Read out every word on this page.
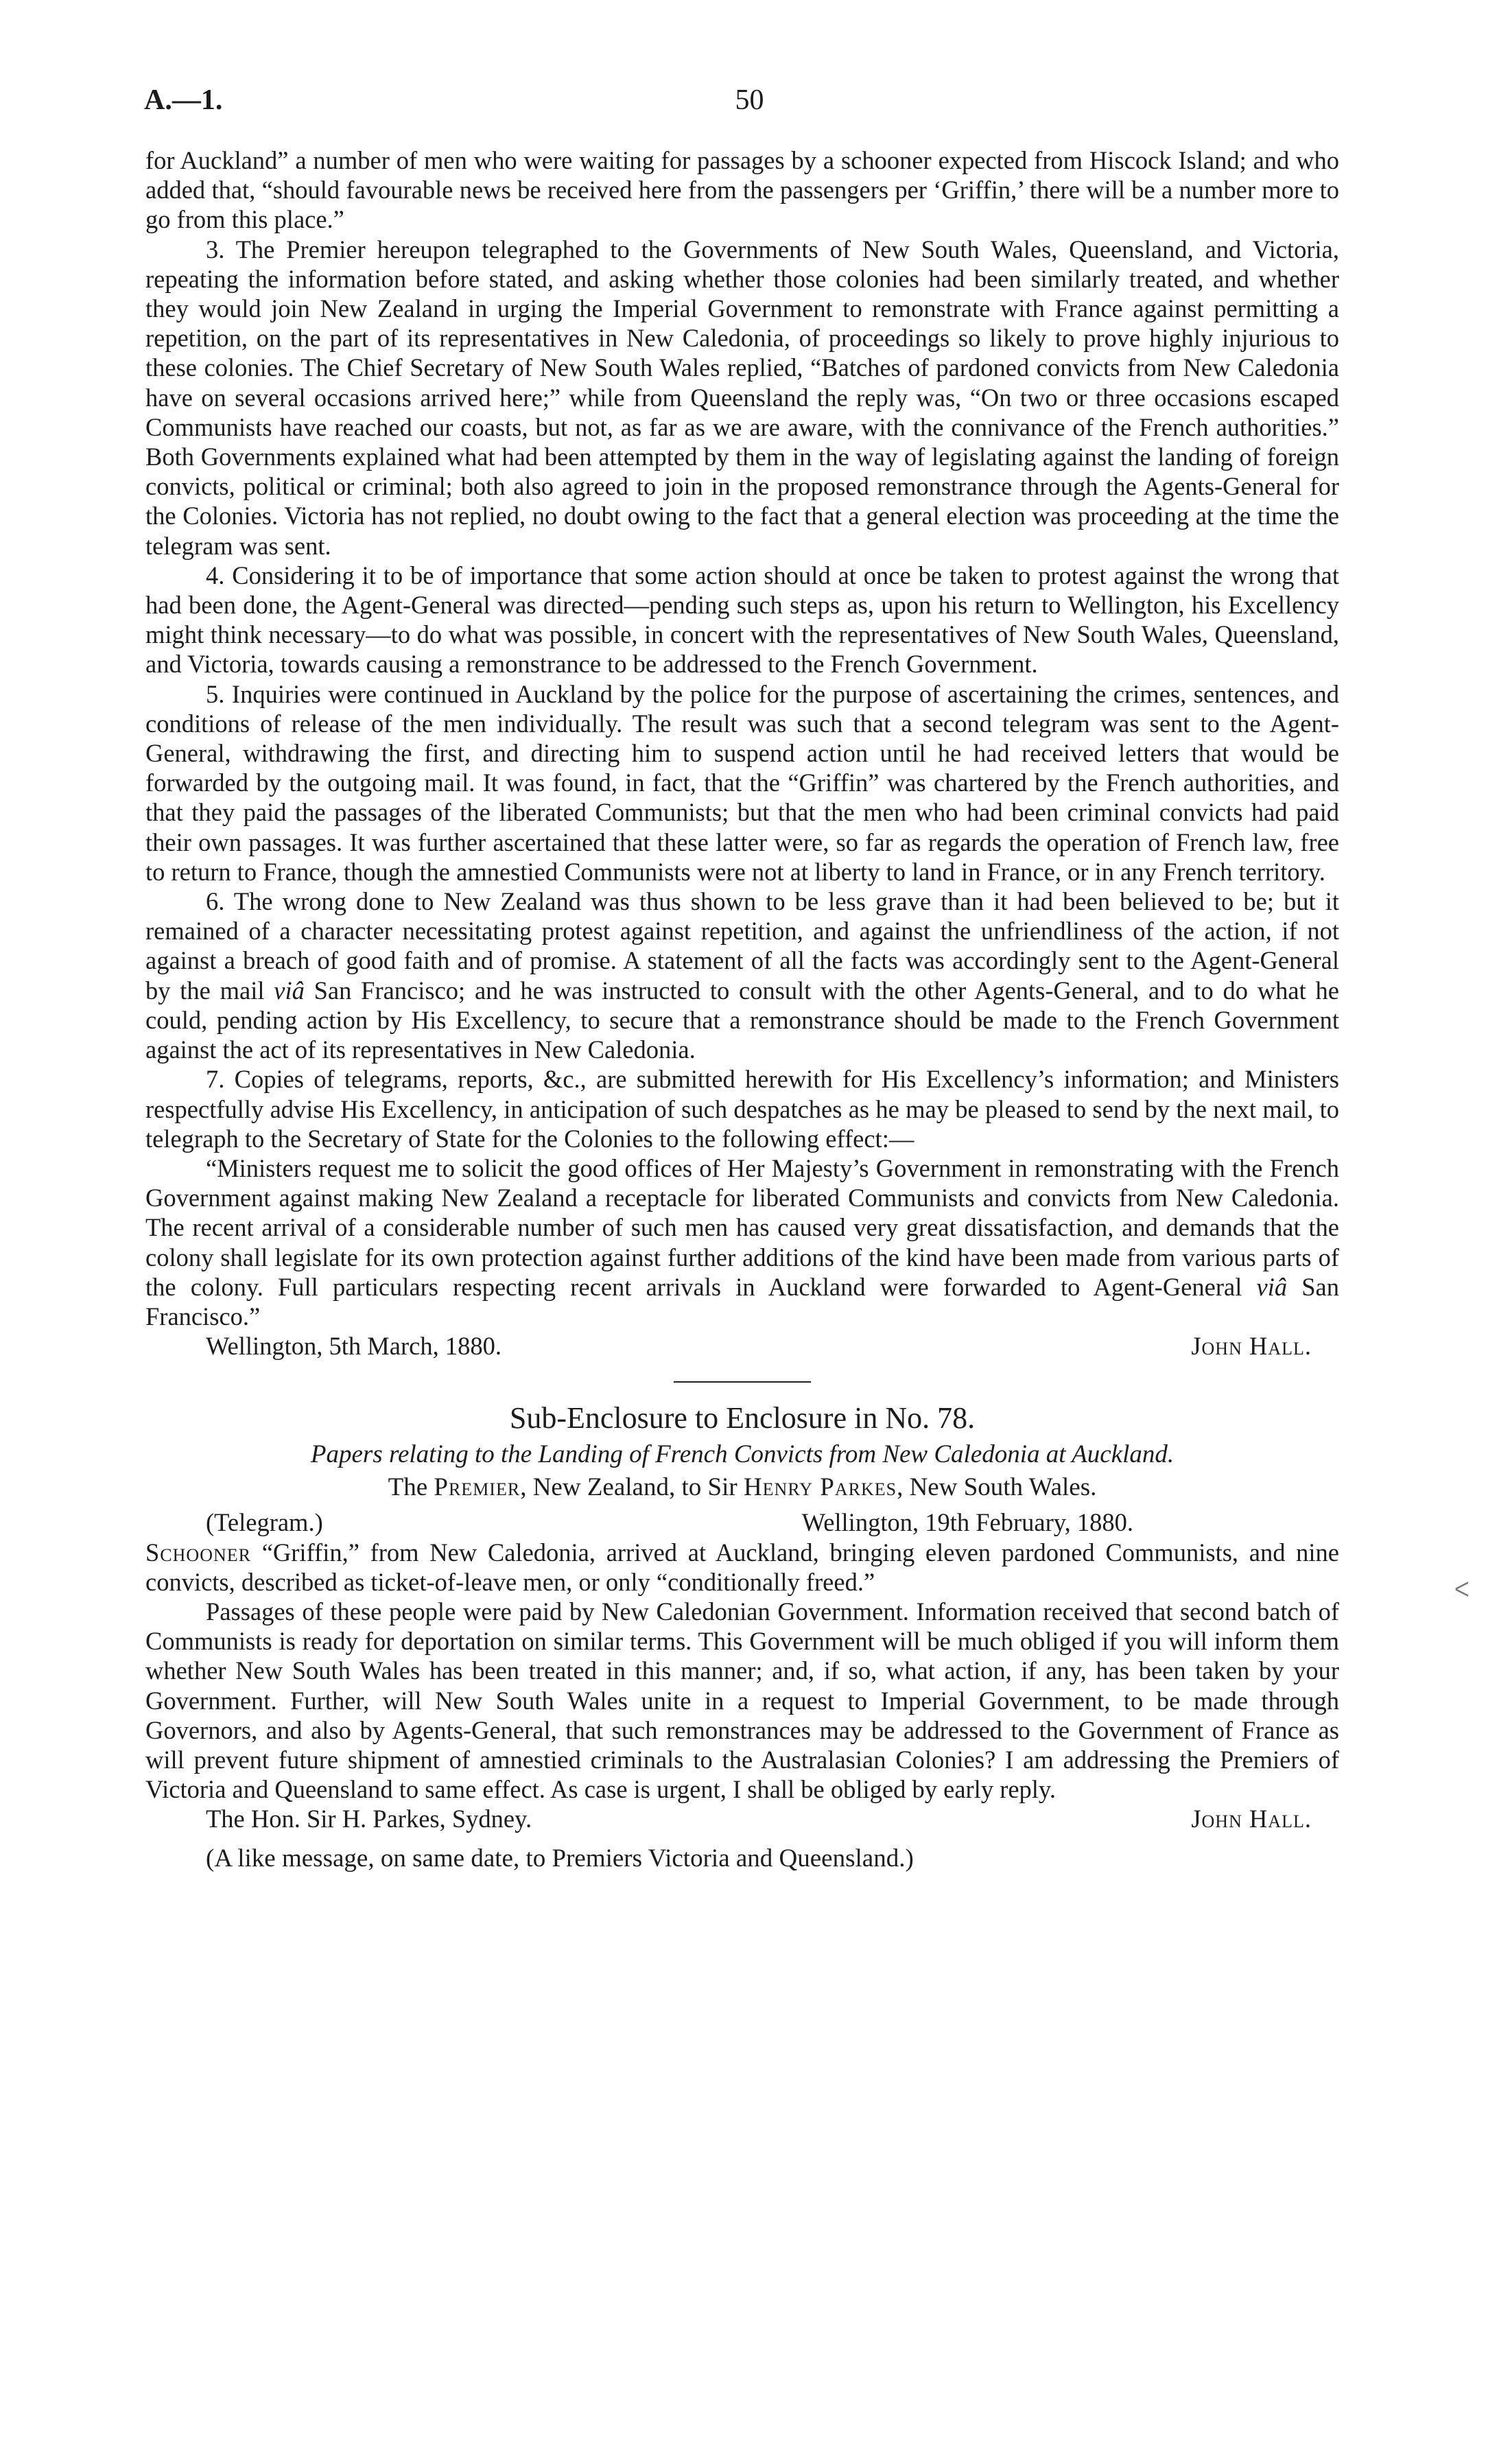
A.—1.	50

for Auckland” a number of men who were waiting for passages by a schooner expected from Hiscock Island; and who added that, “should favourable news be received here from the passengers per ‘Griffin,’ there will be a number more to go from this place.”

3. The Premier hereupon telegraphed to the Governments of New South Wales, Queensland, and Victoria, repeating the information before stated, and asking whether those colonies had been similarly treated, and whether they would join New Zealand in urging the Imperial Government to remonstrate with France against permitting a repetition, on the part of its representatives in New Caledonia, of proceedings so likely to prove highly injurious to these colonies. The Chief Secretary of New South Wales replied, “Batches of pardoned convicts from New Caledonia have on several occasions arrived here;” while from Queensland the reply was, “On two or three occasions escaped Communists have reached our coasts, but not, as far as we are aware, with the connivance of the French authorities.” Both Governments explained what had been attempted by them in the way of legislating against the landing of foreign convicts, political or criminal; both also agreed to join in the proposed remonstrance through the Agents-General for the Colonies. Victoria has not replied, no doubt owing to the fact that a general election was proceeding at the time the telegram was sent.

4. Considering it to be of importance that some action should at once be taken to protest against the wrong that had been done, the Agent-General was directed—pending such steps as, upon his return to Wellington, his Excellency might think necessary—to do what was possible, in concert with the representatives of New South Wales, Queensland, and Victoria, towards causing a remonstrance to be addressed to the French Government.

5. Inquiries were continued in Auckland by the police for the purpose of ascertaining the crimes, sentences, and conditions of release of the men individually. The result was such that a second telegram was sent to the Agent-General, withdrawing the first, and directing him to suspend action until he had received letters that would be forwarded by the outgoing mail. It was found, in fact, that the “Griffin” was chartered by the French authorities, and that they paid the passages of the liberated Communists; but that the men who had been criminal convicts had paid their own passages. It was further ascertained that these latter were, so far as regards the operation of French law, free to return to France, though the amnestied Communists were not at liberty to land in France, or in any French territory.

6. The wrong done to New Zealand was thus shown to be less grave than it had been believed to be; but it remained of a character necessitating protest against repetition, and against the unfriendliness of the action, if not against a breach of good faith and of promise. A statement of all the facts was accordingly sent to the Agent-General by the mail viâ San Francisco; and he was instructed to consult with the other Agents-General, and to do what he could, pending action by His Excellency, to secure that a remonstrance should be made to the French Government against the act of its representatives in New Caledonia.

7. Copies of telegrams, reports, &c., are submitted herewith for His Excellency’s information; and Ministers respectfully advise His Excellency, in anticipation of such despatches as he may be pleased to send by the next mail, to telegraph to the Secretary of State for the Colonies to the following effect:—

“Ministers request me to solicit the good offices of Her Majesty’s Government in remonstrating with the French Government against making New Zealand a receptacle for liberated Communists and convicts from New Caledonia. The recent arrival of a considerable number of such men has caused very great dissatisfaction, and demands that the colony shall legislate for its own protection against further additions of the kind have been made from various parts of the colony. Full particulars respecting recent arrivals in Auckland were forwarded to Agent-General viâ San Francisco.”

Wellington, 5th March, 1880.	John Hall.
Sub-Enclosure to Enclosure in No. 78.
Papers relating to the Landing of French Convicts from New Caledonia at Auckland.
The Premier, New Zealand, to Sir Henry Parkes, New South Wales.
(Telegram.)	Wellington, 19th February, 1880.

Schooner “Griffin,” from New Caledonia, arrived at Auckland, bringing eleven pardoned Communists, and nine convicts, described as ticket-of-leave men, or only “conditionally freed.”

Passages of these people were paid by New Caledonian Government. Information received that second batch of Communists is ready for deportation on similar terms. This Government will be much obliged if you will inform them whether New South Wales has been treated in this manner; and, if so, what action, if any, has been taken by your Government. Further, will New South Wales unite in a request to Imperial Government, to be made through Governors, and also by Agents-General, that such remonstrances may be addressed to the Government of France as will prevent future shipment of amnestied criminals to the Australasian Colonies? I am addressing the Premiers of Victoria and Queensland to same effect. As case is urgent, I shall be obliged by early reply.

The Hon. Sir H. Parkes, Sydney.	John Hall.
(A like message, on same date, to Premiers Victoria and Queensland.)
ᐸ
